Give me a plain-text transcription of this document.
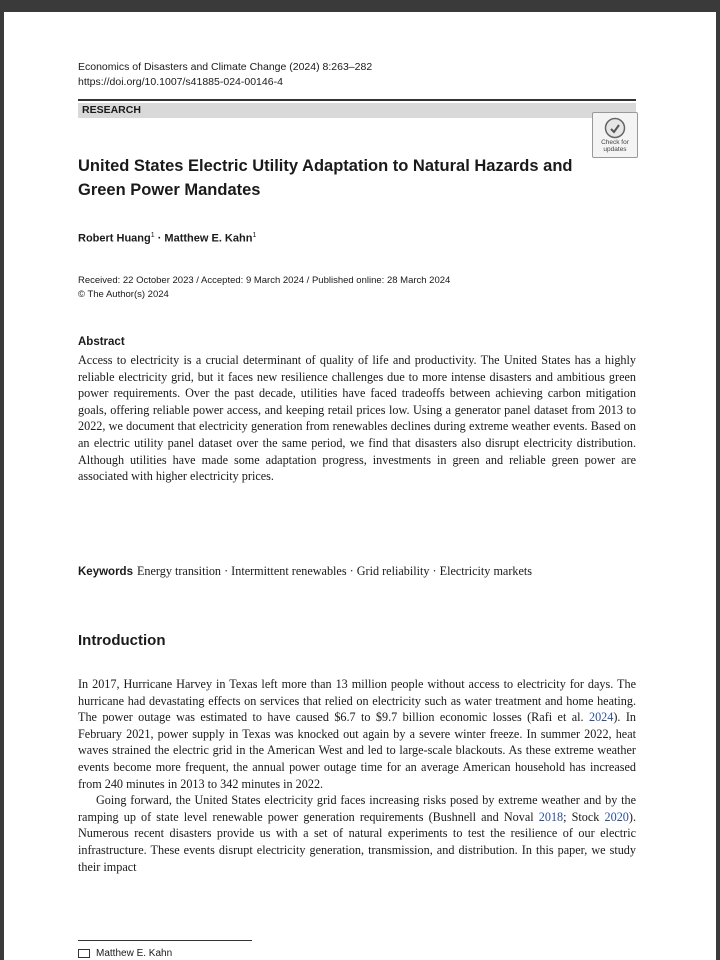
Economics of Disasters and Climate Change (2024) 8:263–282
https://doi.org/10.1007/s41885-024-00146-4
RESEARCH
Check for
updates
United States Electric Utility Adaptation to Natural Hazards and Green Power Mandates
Robert Huang$^1$ · Matthew E. Kahn$^1$
Received: 22 October 2023 / Accepted: 9 March 2024 / Published online: 28 March 2024
© The Author(s) 2024
Abstract
Access to electricity is a crucial determinant of quality of life and productivity. The United States has a highly reliable electricity grid, but it faces new resilience challenges due to more intense disasters and ambitious green power requirements. Over the past decade, utilities have faced tradeoffs between achieving carbon mitigation goals, offering reliable power access, and keeping retail prices low. Using a generator panel dataset from 2013 to 2022, we document that electricity generation from renewables declines during extreme weather events. Based on an electric utility panel dataset over the same period, we find that disasters also disrupt electricity distribution. Although utilities have made some adaptation progress, investments in green and reliable green power are associated with higher electricity prices.
Keywords Energy transition · Intermittent renewables · Grid reliability · Electricity markets
Introduction

In 2017, Hurricane Harvey in Texas left more than 13 million people without access to electricity for days. The hurricane had devastating effects on services that relied on electricity such as water treatment and home heating. The power outage was estimated to have caused $6.7 to $9.7 billion economic losses (Rafi et al. 2024). In February 2021, power supply in Texas was knocked out again by a severe winter freeze. In summer 2022, heat waves strained the electric grid in the American West and led to large-scale blackouts. As these extreme weather events become more frequent, the annual power outage time for an average American household has increased from 240 minutes in 2013 to 342 minutes in 2022.

Going forward, the United States electricity grid faces increasing risks posed by extreme weather and by the ramping up of state level renewable power generation requirements (Bushnell and Noval 2018; Stock 2020). Numerous recent disasters provide us with a set of natural experiments to test the resilience of our electric infrastructure. These events disrupt electricity generation, transmission, and distribution. In this paper, we study their impact

Matthew E. Kahn
